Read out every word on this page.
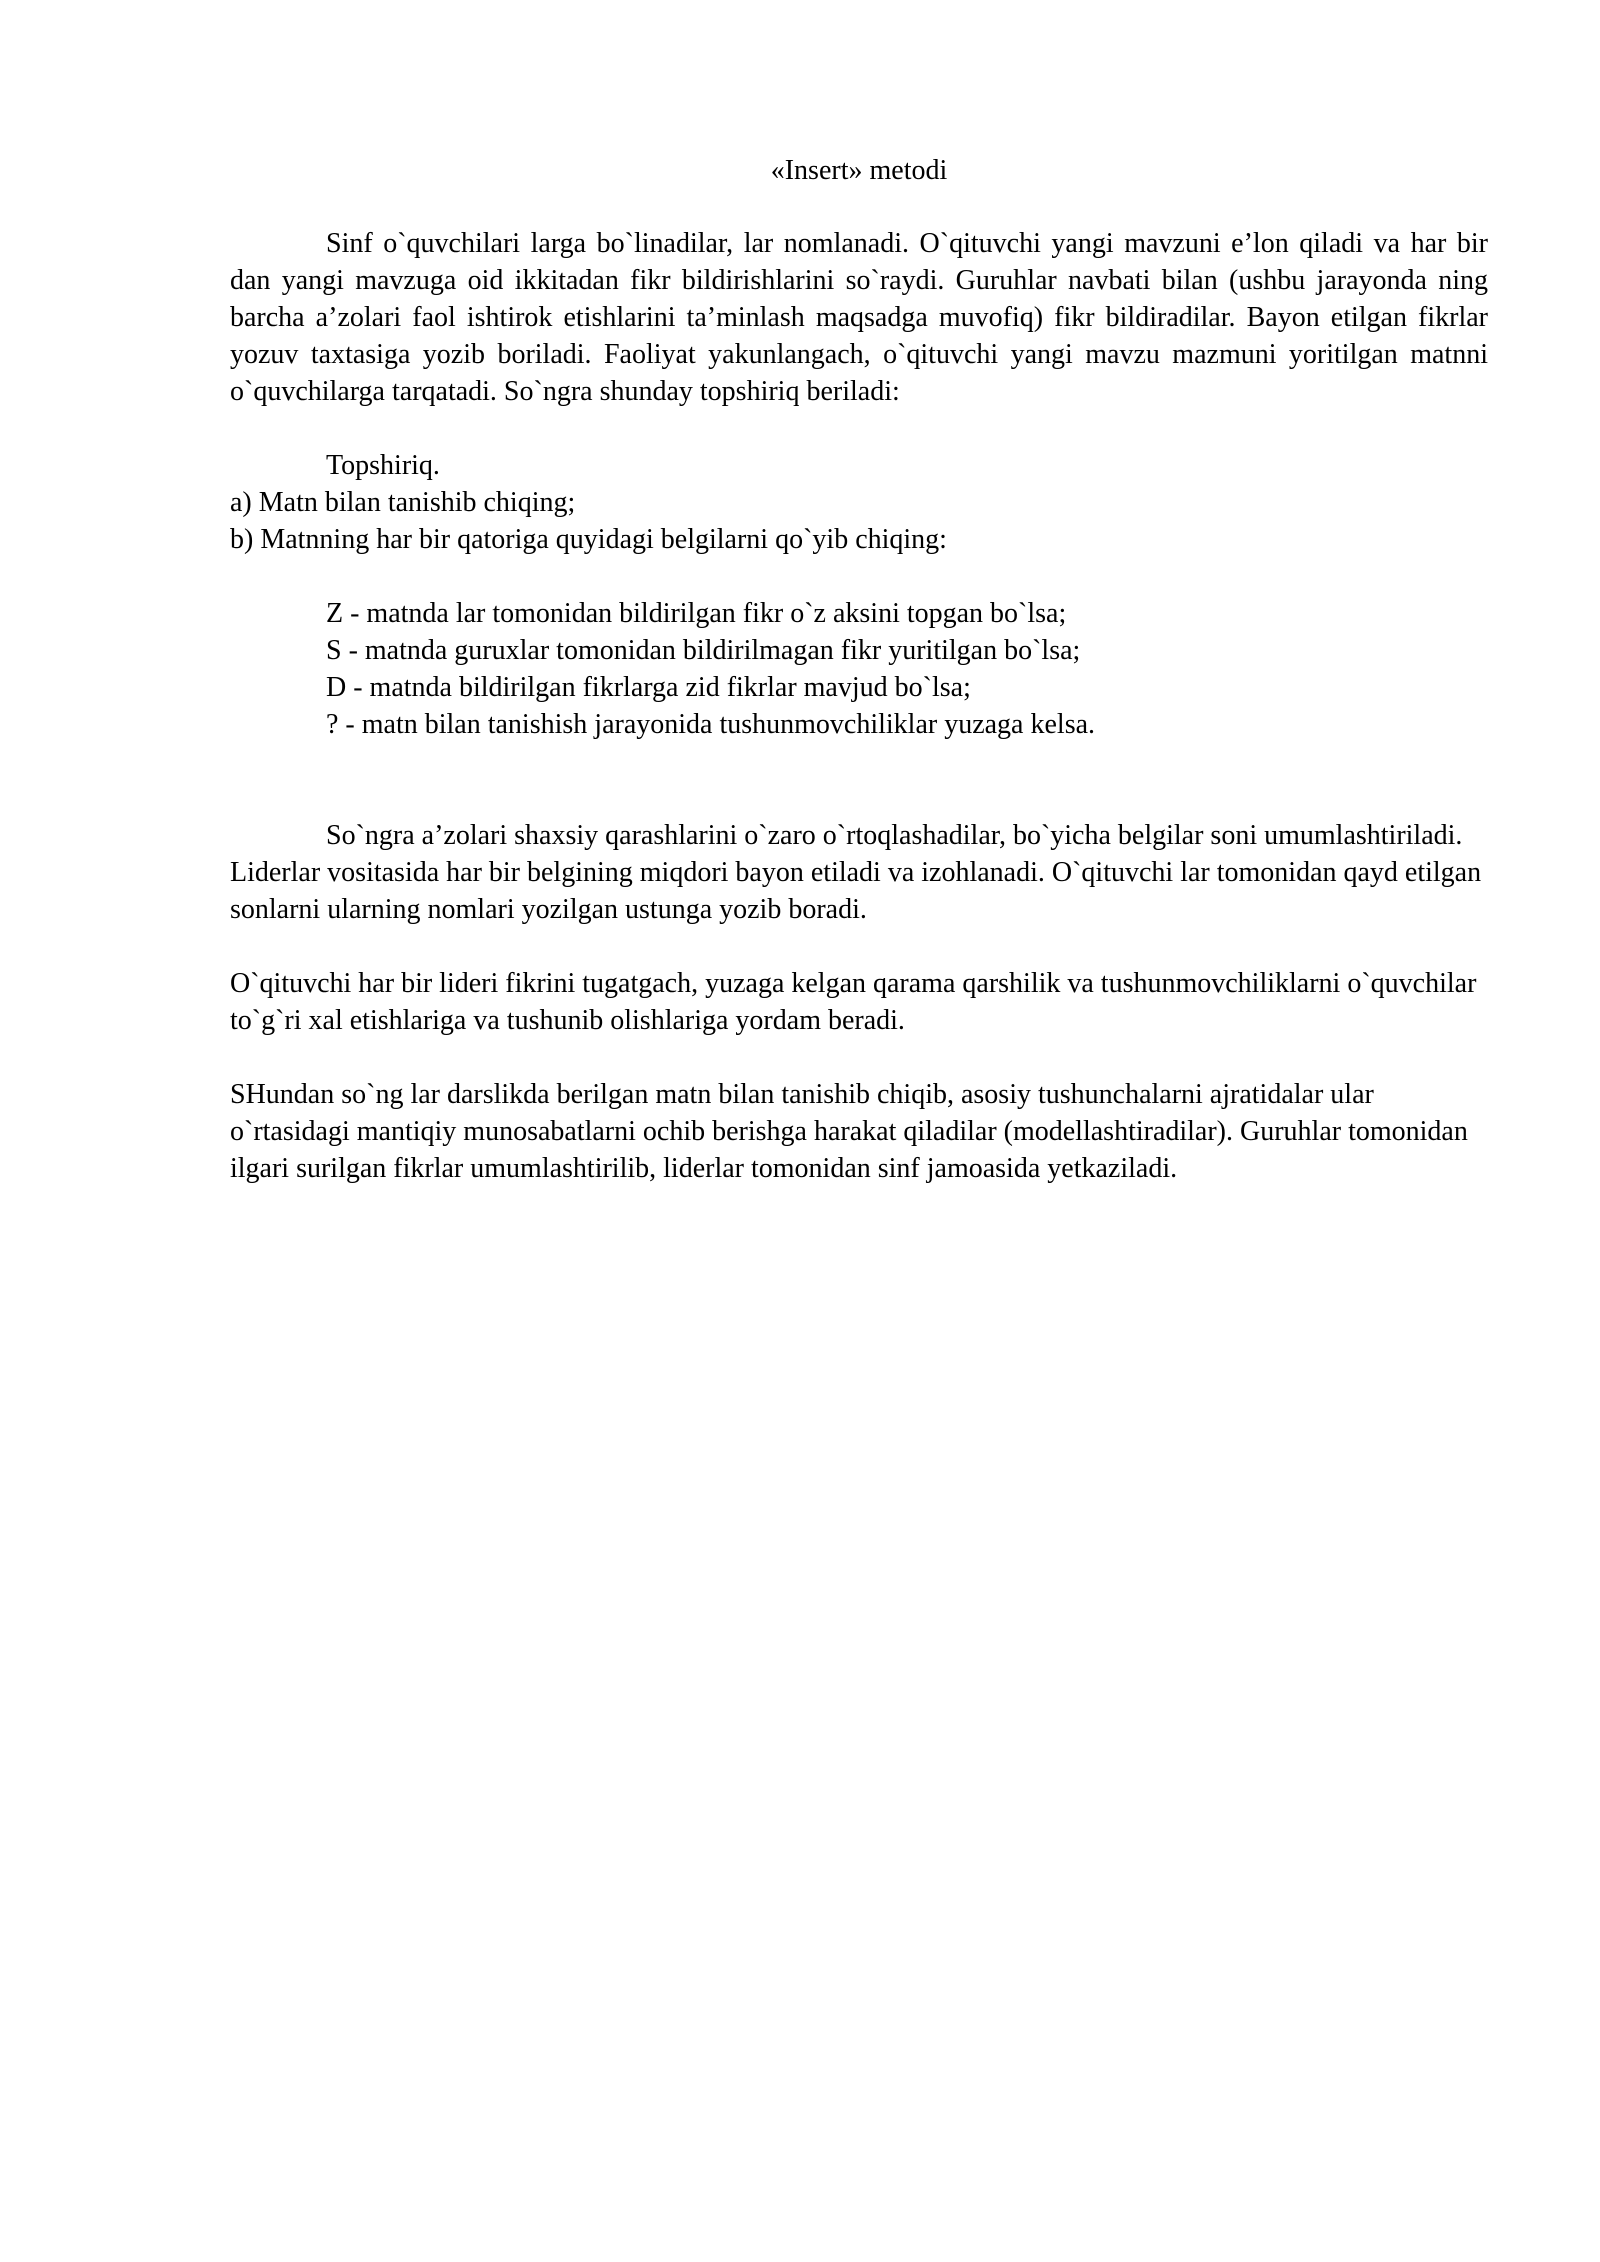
«Insert» metodi

Sinf o`quvchilari larga bo`linadilar, lar nomlanadi. O`qituvchi yangi mavzuni e’lon qiladi va har bir dan yangi mavzuga oid ikkitadan fikr bildirishlarini so`raydi. Guruhlar navbati bilan (ushbu jarayonda ning barcha a’zolari faol ishtirok etishlarini ta’minlash maqsadga muvofiq) fikr bildiradilar. Bayon etilgan fikrlar yozuv taxtasiga yozib boriladi. Faoliyat yakunlangach, o`qituvchi yangi mavzu mazmuni yoritilgan matnni o`quvchilarga tarqatadi. So`ngra shunday topshiriq beriladi:

Topshiriq.
a) Matn bilan tanishib chiqing;
b) Matnning har bir qatoriga quyidagi belgilarni qo`yib chiqing:
Z - matnda lar tomonidan bildirilgan fikr o`z aksini topgan bo`lsa;
S - matnda guruxlar tomonidan bildirilmagan fikr yuritilgan bo`lsa;
D - matnda bildirilgan fikrlarga zid fikrlar mavjud bo`lsa;
? - matn bilan tanishish jarayonida tushunmovchiliklar yuzaga kelsa.

So`ngra a’zolari shaxsiy qarashlarini o`zaro o`rtoqlashadilar, bo`yicha belgilar soni umumlashtiriladi. Liderlar vositasida har bir belgining miqdori bayon etiladi va izohlanadi. O`qituvchi lar tomonidan qayd etilgan sonlarni ularning nomlari yozilgan ustunga yozib boradi.

O`qituvchi har bir lideri fikrini tugatgach, yuzaga kelgan qarama qarshilik va tushunmovchiliklarni o`quvchilar to`g`ri xal etishlariga va tushunib olishlariga yordam beradi.

SHundan so`ng lar darslikda berilgan matn bilan tanishib chiqib, asosiy tushunchalarni ajratidalar ular o`rtasidagi mantiqiy munosabatlarni ochib berishga harakat qiladilar (modellashtiradilar). Guruhlar tomonidan ilgari surilgan fikrlar umumlashtirilib, liderlar tomonidan sinf jamoasida yetkaziladi.
